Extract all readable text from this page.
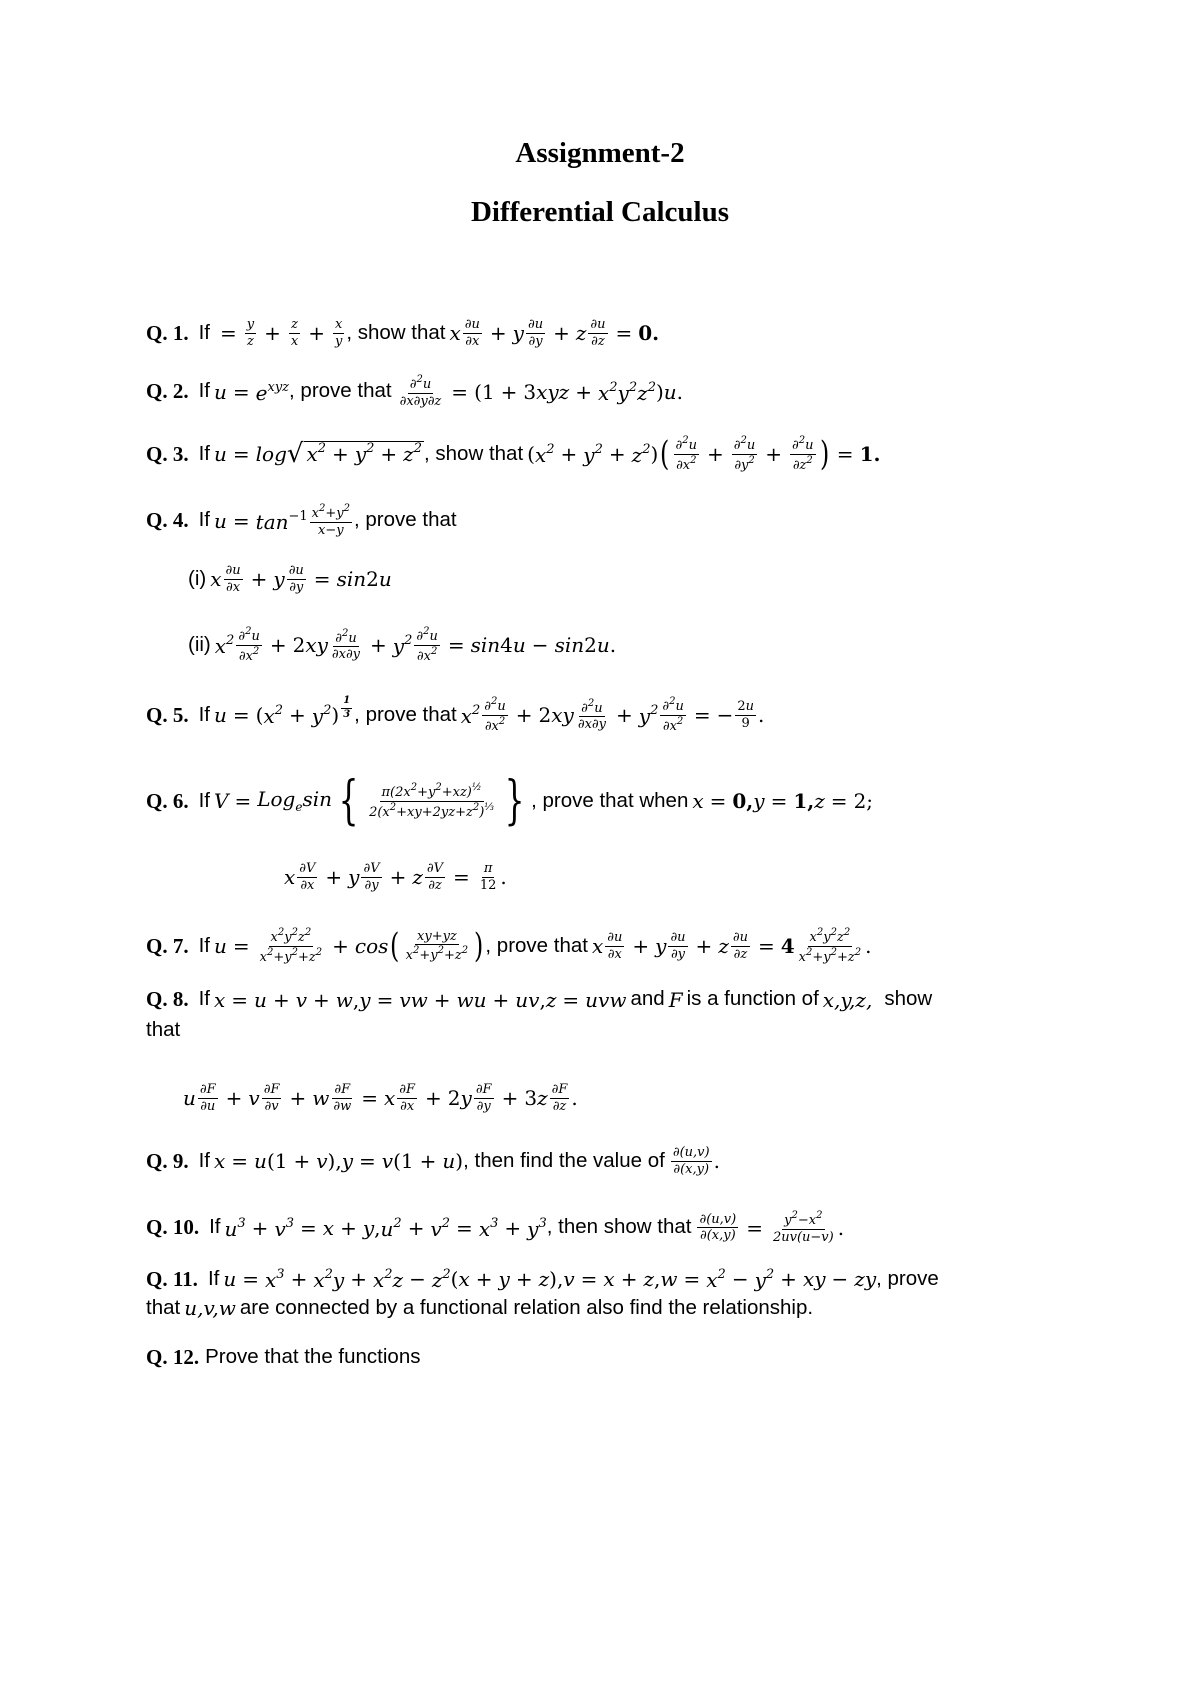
Assignment-2
Differential Calculus
Q. 1. $If = \frac{y}{z} + \frac{z}{x} + \frac{x}{y}$ , show that x ∂u
∂x + y ∂u
∂y + z $\frac{\partial u}{\partial z} = 0$.
Q. 2. If $u = e^{xyz}$ , prove that $\frac{\partial^2u}{\partial x\partial y\partial z} = (1 + 3$ xyz + $x^2y^2z^2$ ) u .
Q. 3. If u = log √ $x^2 + y^2 + z^2$ , show that ( $x^2 + y^2 + z^2$ ) ( ∂$^2$u
$\partial x^2 + \frac{\partial^2u}{\partial y^2} + \frac{\partial^2u}{\partial z^2}$ ) = 1.
Q. 4. If $u = \tan^{-1} x^2+y^2$
x−y , prove that
(i) x ∂u
∂x + y $\frac{\partial u}{\partial y} = \sin 2$ u
(ii) $x^2$ ∂$^2$u
$\partial x^2 + 2$ xy ∂$^2$u
$\partial x\partial y + y^2 \frac{\partial^2u}{\partial x^2} = \sin 4$ u − sin 2 u .
Q. 5. If u = ( $x^2 + y^2$ )
1
3 , prove that $x^2$ ∂$^2$u
$\partial x^2 + 2$ xy ∂$^2$u
$\partial x\partial y + y^2 \frac{\partial^2u}{\partial x^2}$ = − $\frac{2u}{9}$ .
Q. 6. If V = Log$_e$sin { $\pi(2x^2+y^2+xz)^{\frac{1}{2}}$
$2(x^2+xy+2yz+z^2)^{\frac{1}{3}}$ } , prove that when x = 0, y = 1, z = 2;
x ∂V
∂x + y ∂V
∂y + z $\frac{\partial V}{\partial z} = \frac{\pi}{12}$ .
Q. 7. If $u = \frac{x^2y^2z^2}{x^2+y^2+z^2} + \cos$ ( xy+yz
$x^2+y^2+z^2$ ) , prove that x ∂u
∂x + y ∂u
∂y + z $\frac{\partial u}{\partial z} = 4$ $x^2y^2z^2$
$x^2+y^2+z^2$ .
Q. 8. If x = u + v + w , y = vw + wu + uv , z = uvw and F is a function of x,y,z, show
that
u ∂F
∂u + v ∂F
∂v + w $\frac{\partial F}{\partial w} = x$ ∂F
∂x + 2 y ∂F
∂y + 3 z ∂F
∂z .
Q. 9. If x = u (1 + v ), y = v (1 + u ) , then find the value of ∂(u,v)
∂(x,y) .
Q. 10. If $u^3 + v^3 = x + y$ , $u^2 + v^2 = x^3 + y^3$ , then show that $\frac{\partial(u,v)}{\partial(x,y)} = \frac{y^2-x^2}{2uv(u-v)}$ .
Q. 11. If $u = x^3 + x^2y + x^2z - z^2$ ( x + y + z ), v = x + z , $w = x^2 - y^2$ + xy − zy , prove
that u,v,w are connected by a functional relation also find the relationship.
Q. 12. Prove that the functions
